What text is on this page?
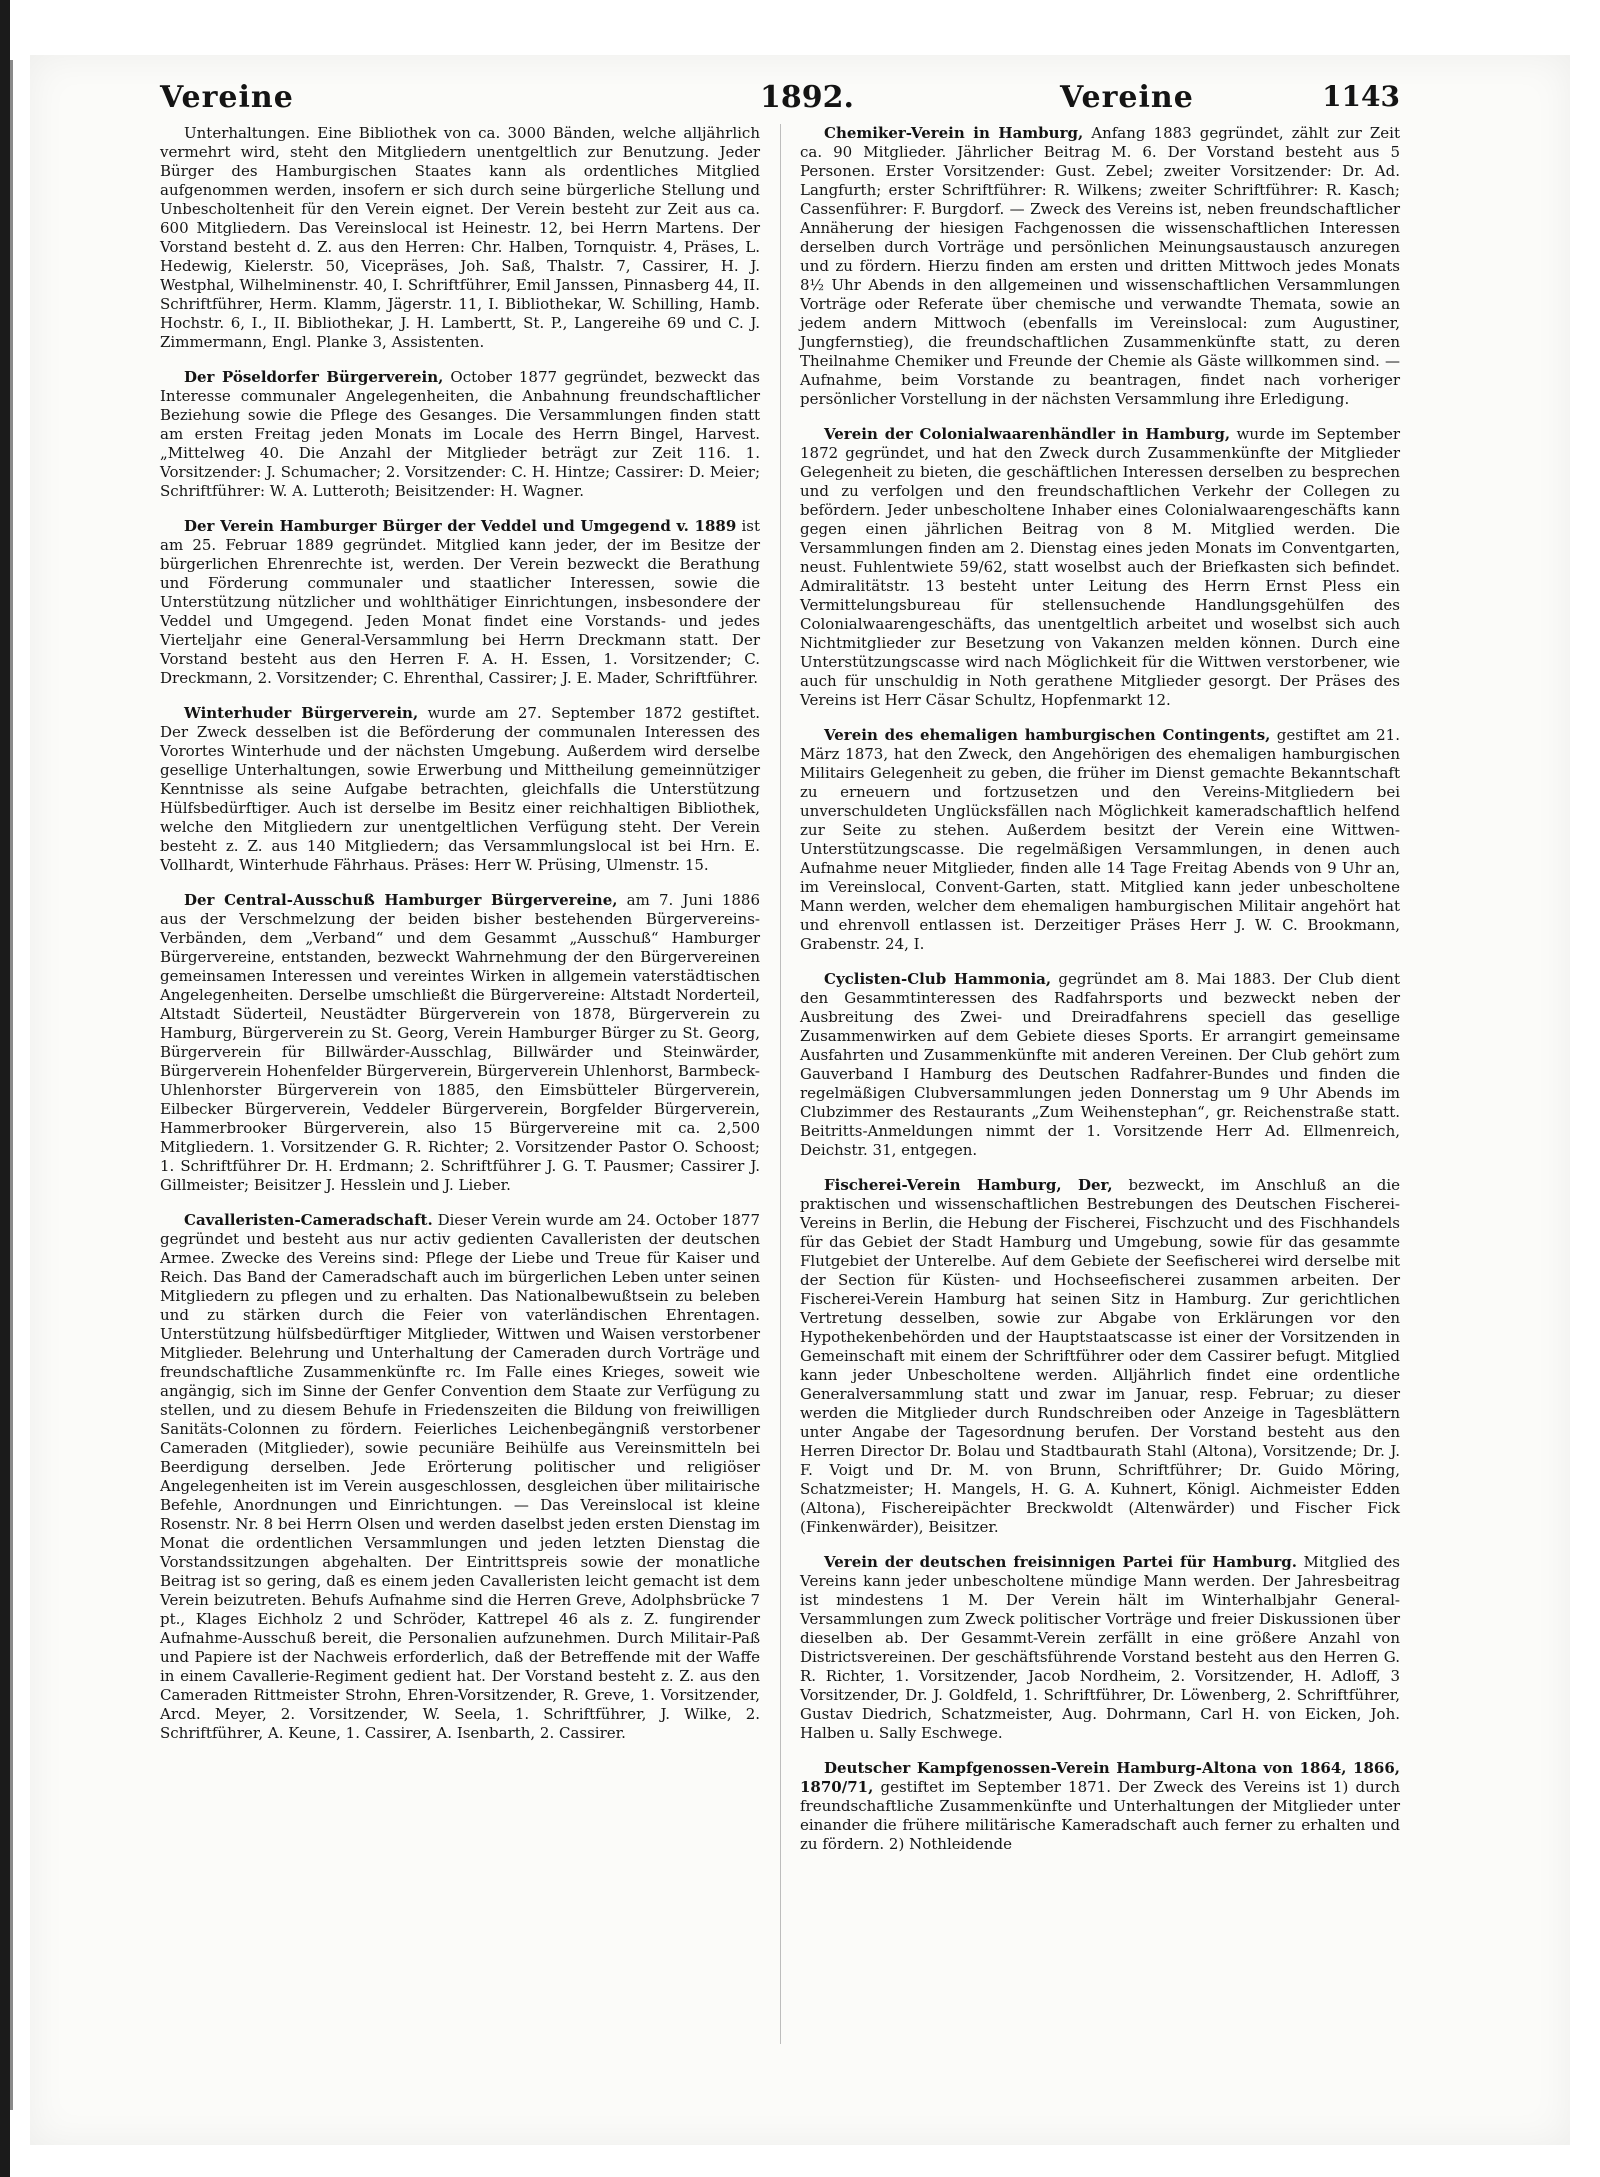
Vereine	1892.	Vereine	1143

Unterhaltungen. Eine Bibliothek von ca. 3000 Bänden, welche alljährlich vermehrt wird, steht den Mitgliedern unentgeltlich zur Benutzung. Jeder Bürger des Hamburgischen Staates kann als ordentliches Mitglied aufgenommen werden, insofern er sich durch seine bürgerliche Stellung und Unbescholtenheit für den Verein eignet. Der Verein besteht zur Zeit aus ca. 600 Mitgliedern. Das Vereinslocal ist Heinestr. 12, bei Herrn Martens. Der Vorstand besteht d. Z. aus den Herren: Chr. Halben, Tornquistr. 4, Präses, L. Hedewig, Kielerstr. 50, Vicepräses, Joh. Saß, Thalstr. 7, Cassirer, H. J. Westphal, Wilhelminenstr. 40, I. Schriftführer, Emil Janssen, Pinnasberg 44, II. Schriftführer, Herm. Klamm, Jägerstr. 11, I. Bibliothekar, W. Schilling, Hamb. Hochstr. 6, I., II. Bibliothekar, J. H. Lambertt, St. P., Langereihe 69 und C. J. Zimmermann, Engl. Planke 3, Assistenten.

Der Pöseldorfer Bürgerverein, October 1877 gegründet, bezweckt das Interesse communaler Angelegenheiten, die Anbahnung freundschaftlicher Beziehung sowie die Pflege des Gesanges. Die Versammlungen finden statt am ersten Freitag jeden Monats im Locale des Herrn Bingel, Harvest. „Mittelweg 40. Die Anzahl der Mitglieder beträgt zur Zeit 116. 1. Vorsitzender: J. Schumacher; 2. Vorsitzender: C. H. Hintze; Cassirer: D. Meier; Schriftführer: W. A. Lutteroth; Beisitzender: H. Wagner.

Der Verein Hamburger Bürger der Veddel und Umgegend v. 1889 ist am 25. Februar 1889 gegründet. Mitglied kann jeder, der im Besitze der bürgerlichen Ehrenrechte ist, werden. Der Verein bezweckt die Berathung und Förderung communaler und staatlicher Interessen, sowie die Unterstützung nützlicher und wohlthätiger Einrichtungen, insbesondere der Veddel und Umgegend. Jeden Monat findet eine Vorstands- und jedes Vierteljahr eine General-Versammlung bei Herrn Dreckmann statt. Der Vorstand besteht aus den Herren F. A. H. Essen, 1. Vorsitzender; C. Dreckmann, 2. Vorsitzender; C. Ehrenthal, Cassirer; J. E. Mader, Schriftführer.

Winterhuder Bürgerverein, wurde am 27. September 1872 gestiftet. Der Zweck desselben ist die Beförderung der communalen Interessen des Vorortes Winterhude und der nächsten Umgebung. Außerdem wird derselbe gesellige Unterhaltungen, sowie Erwerbung und Mittheilung gemeinnütziger Kenntnisse als seine Aufgabe betrachten, gleichfalls die Unterstützung Hülfsbedürftiger. Auch ist derselbe im Besitz einer reichhaltigen Bibliothek, welche den Mitgliedern zur unentgeltlichen Verfügung steht. Der Verein besteht z. Z. aus 140 Mitgliedern; das Versammlungslocal ist bei Hrn. E. Vollhardt, Winterhude Fährhaus. Präses: Herr W. Prüsing, Ulmenstr. 15.

Der Central-Ausschuß Hamburger Bürgervereine, am 7. Juni 1886 aus der Verschmelzung der beiden bisher bestehenden Bürgervereins-Verbänden, dem „Verband“ und dem Gesammt „Ausschuß“ Hamburger Bürgervereine, entstanden, bezweckt Wahrnehmung der den Bürgervereinen gemeinsamen Interessen und vereintes Wirken in allgemein vaterstädtischen Angelegenheiten. Derselbe umschließt die Bürgervereine: Altstadt Norderteil, Altstadt Süderteil, Neustädter Bürgerverein von 1878, Bürgerverein zu Hamburg, Bürgerverein zu St. Georg, Verein Hamburger Bürger zu St. Georg, Bürgerverein für Billwärder-Ausschlag, Billwärder und Steinwärder, Bürgerverein Hohenfelder Bürgerverein, Bürgerverein Uhlenhorst, Barmbeck-Uhlenhorster Bürgerverein von 1885, den Eimsbütteler Bürgerverein, Eilbecker Bürgerverein, Veddeler Bürgerverein, Borgfelder Bürgerverein, Hammerbrooker Bürgerverein, also 15 Bürgervereine mit ca. 2,500 Mitgliedern. 1. Vorsitzender G. R. Richter; 2. Vorsitzender Pastor O. Schoost; 1. Schriftführer Dr. H. Erdmann; 2. Schriftführer J. G. T. Pausmer; Cassirer J. Gillmeister; Beisitzer J. Hesslein und J. Lieber.

Cavalleristen-Cameradschaft. Dieser Verein wurde am 24. October 1877 gegründet und besteht aus nur activ gedienten Cavalleristen der deutschen Armee. Zwecke des Vereins sind: Pflege der Liebe und Treue für Kaiser und Reich. Das Band der Cameradschaft auch im bürgerlichen Leben unter seinen Mitgliedern zu pflegen und zu erhalten. Das Nationalbewußtsein zu beleben und zu stärken durch die Feier von vaterländischen Ehrentagen. Unterstützung hülfsbedürftiger Mitglieder, Wittwen und Waisen verstorbener Mitglieder. Belehrung und Unterhaltung der Cameraden durch Vorträge und freundschaftliche Zusammenkünfte rc. Im Falle eines Krieges, soweit wie angängig, sich im Sinne der Genfer Convention dem Staate zur Verfügung zu stellen, und zu diesem Behufe in Friedenszeiten die Bildung von freiwilligen Sanitäts-Colonnen zu fördern. Feierliches Leichenbegängniß verstorbener Cameraden (Mitglieder), sowie pecuniäre Beihülfe aus Vereinsmitteln bei Beerdigung derselben. Jede Erörterung politischer und religiöser Angelegenheiten ist im Verein ausgeschlossen, desgleichen über militairische Befehle, Anordnungen und Einrichtungen. — Das Vereinslocal ist kleine Rosenstr. Nr. 8 bei Herrn Olsen und werden daselbst jeden ersten Dienstag im Monat die ordentlichen Versammlungen und jeden letzten Dienstag die Vorstandssitzungen abgehalten. Der Eintrittspreis sowie der monatliche Beitrag ist so gering, daß es einem jeden Cavalleristen leicht gemacht ist dem Verein beizutreten. Behufs Aufnahme sind die Herren Greve, Adolphsbrücke 7 pt., Klages Eichholz 2 und Schröder, Kattrepel 46 als z. Z. fungirender Aufnahme-Ausschuß bereit, die Personalien aufzunehmen. Durch Militair-Paß und Papiere ist der Nachweis erforderlich, daß der Betreffende mit der Waffe in einem Cavallerie-Regiment gedient hat. Der Vorstand besteht z. Z. aus den Cameraden Rittmeister Strohn, Ehren-Vorsitzender, R. Greve, 1. Vorsitzender, Arcd. Meyer, 2. Vorsitzender, W. Seela, 1. Schriftführer, J. Wilke, 2. Schriftführer, A. Keune, 1. Cassirer, A. Isenbarth, 2. Cassirer.

Chemiker-Verein in Hamburg, Anfang 1883 gegründet, zählt zur Zeit ca. 90 Mitglieder. Jährlicher Beitrag M. 6. Der Vorstand besteht aus 5 Personen. Erster Vorsitzender: Gust. Zebel; zweiter Vorsitzender: Dr. Ad. Langfurth; erster Schriftführer: R. Wilkens; zweiter Schriftführer: R. Kasch; Cassenführer: F. Burgdorf. — Zweck des Vereins ist, neben freundschaftlicher Annäherung der hiesigen Fachgenossen die wissenschaftlichen Interessen derselben durch Vorträge und persönlichen Meinungsaustausch anzuregen und zu fördern. Hierzu finden am ersten und dritten Mittwoch jedes Monats 8½ Uhr Abends in den allgemeinen und wissenschaftlichen Versammlungen Vorträge oder Referate über chemische und verwandte Themata, sowie an jedem andern Mittwoch (ebenfalls im Vereinslocal: zum Augustiner, Jungfernstieg), die freundschaftlichen Zusammenkünfte statt, zu deren Theilnahme Chemiker und Freunde der Chemie als Gäste willkommen sind. — Aufnahme, beim Vorstande zu beantragen, findet nach vorheriger persönlicher Vorstellung in der nächsten Versammlung ihre Erledigung.

Verein der Colonialwaarenhändler in Hamburg, wurde im September 1872 gegründet, und hat den Zweck durch Zusammenkünfte der Mitglieder Gelegenheit zu bieten, die geschäftlichen Interessen derselben zu besprechen und zu verfolgen und den freundschaftlichen Verkehr der Collegen zu befördern. Jeder unbescholtene Inhaber eines Colonialwaarengeschäfts kann gegen einen jährlichen Beitrag von 8 M. Mitglied werden. Die Versammlungen finden am 2. Dienstag eines jeden Monats im Conventgarten, neust. Fuhlentwiete 59/62, statt woselbst auch der Briefkasten sich befindet. Admiralitätstr. 13 besteht unter Leitung des Herrn Ernst Pless ein Vermittelungsbureau für stellensuchende Handlungsgehülfen des Colonialwaarengeschäfts, das unentgeltlich arbeitet und woselbst sich auch Nichtmitglieder zur Besetzung von Vakanzen melden können. Durch eine Unterstützungscasse wird nach Möglichkeit für die Wittwen verstorbener, wie auch für unschuldig in Noth gerathene Mitglieder gesorgt. Der Präses des Vereins ist Herr Cäsar Schultz, Hopfenmarkt 12.

Verein des ehemaligen hamburgischen Contingents, gestiftet am 21. März 1873, hat den Zweck, den Angehörigen des ehemaligen hamburgischen Militairs Gelegenheit zu geben, die früher im Dienst gemachte Bekanntschaft zu erneuern und fortzusetzen und den Vereins-Mitgliedern bei unverschuldeten Unglücksfällen nach Möglichkeit kameradschaftlich helfend zur Seite zu stehen. Außerdem besitzt der Verein eine Wittwen-Unterstützungscasse. Die regelmäßigen Versammlungen, in denen auch Aufnahme neuer Mitglieder, finden alle 14 Tage Freitag Abends von 9 Uhr an, im Vereinslocal, Convent-Garten, statt. Mitglied kann jeder unbescholtene Mann werden, welcher dem ehemaligen hamburgischen Militair angehört hat und ehrenvoll entlassen ist. Derzeitiger Präses Herr J. W. C. Brookmann, Grabenstr. 24, I.

Cyclisten-Club Hammonia, gegründet am 8. Mai 1883. Der Club dient den Gesammtinteressen des Radfahrsports und bezweckt neben der Ausbreitung des Zwei- und Dreiradfahrens speciell das gesellige Zusammenwirken auf dem Gebiete dieses Sports. Er arrangirt gemeinsame Ausfahrten und Zusammenkünfte mit anderen Vereinen. Der Club gehört zum Gauverband I Hamburg des Deutschen Radfahrer-Bundes und finden die regelmäßigen Clubversammlungen jeden Donnerstag um 9 Uhr Abends im Clubzimmer des Restaurants „Zum Weihenstephan“, gr. Reichenstraße statt. Beitritts-Anmeldungen nimmt der 1. Vorsitzende Herr Ad. Ellmenreich, Deichstr. 31, entgegen.

Fischerei-Verein Hamburg, Der, bezweckt, im Anschluß an die praktischen und wissenschaftlichen Bestrebungen des Deutschen Fischerei-Vereins in Berlin, die Hebung der Fischerei, Fischzucht und des Fischhandels für das Gebiet der Stadt Hamburg und Umgebung, sowie für das gesammte Flutgebiet der Unterelbe. Auf dem Gebiete der Seefischerei wird derselbe mit der Section für Küsten- und Hochseefischerei zusammen arbeiten. Der Fischerei-Verein Hamburg hat seinen Sitz in Hamburg. Zur gerichtlichen Vertretung desselben, sowie zur Abgabe von Erklärungen vor den Hypothekenbehörden und der Hauptstaatscasse ist einer der Vorsitzenden in Gemeinschaft mit einem der Schriftführer oder dem Cassirer befugt. Mitglied kann jeder Unbescholtene werden. Alljährlich findet eine ordentliche Generalversammlung statt und zwar im Januar, resp. Februar; zu dieser werden die Mitglieder durch Rundschreiben oder Anzeige in Tagesblättern unter Angabe der Tagesordnung berufen. Der Vorstand besteht aus den Herren Director Dr. Bolau und Stadtbaurath Stahl (Altona), Vorsitzende; Dr. J. F. Voigt und Dr. M. von Brunn, Schriftführer; Dr. Guido Möring, Schatzmeister; H. Mangels, H. G. A. Kuhnert, Königl. Aichmeister Edden (Altona), Fischereipächter Breckwoldt (Altenwärder) und Fischer Fick (Finkenwärder), Beisitzer.

Verein der deutschen freisinnigen Partei für Hamburg. Mitglied des Vereins kann jeder unbescholtene mündige Mann werden. Der Jahresbeitrag ist mindestens 1 M. Der Verein hält im Winterhalbjahr General-Versammlungen zum Zweck politischer Vorträge und freier Diskussionen über dieselben ab. Der Gesammt-Verein zerfällt in eine größere Anzahl von Districtsvereinen. Der geschäftsführende Vorstand besteht aus den Herren G. R. Richter, 1. Vorsitzender, Jacob Nordheim, 2. Vorsitzender, H. Adloff, 3 Vorsitzender, Dr. J. Goldfeld, 1. Schriftführer, Dr. Löwenberg, 2. Schriftführer, Gustav Diedrich, Schatzmeister, Aug. Dohrmann, Carl H. von Eicken, Joh. Halben u. Sally Eschwege.

Deutscher Kampfgenossen-Verein Hamburg-Altona von 1864, 1866, 1870/71, gestiftet im September 1871. Der Zweck des Vereins ist 1) durch freundschaftliche Zusammenkünfte und Unterhaltungen der Mitglieder unter einander die frühere militärische Kameradschaft auch ferner zu erhalten und zu fördern. 2) Nothleidende
